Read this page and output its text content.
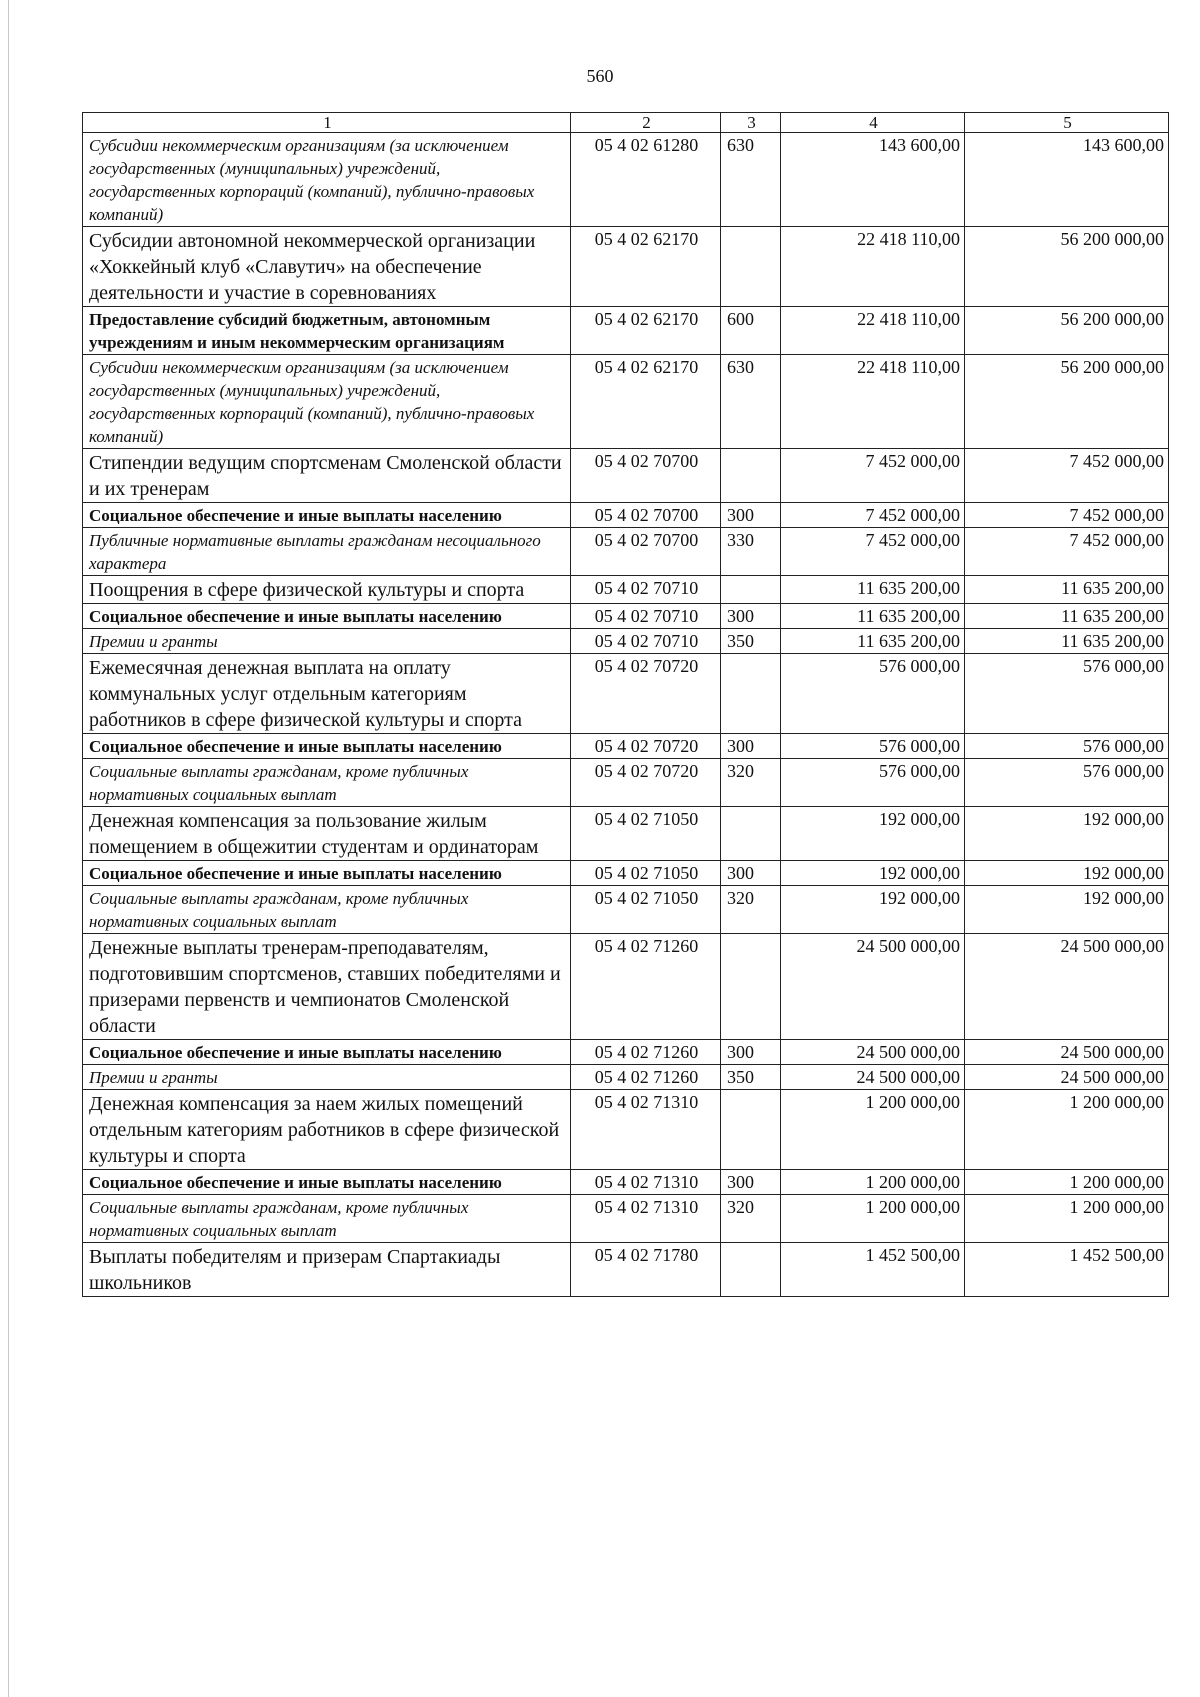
560
1	2	3	4	5
Субсидии некоммерческим организациям (за исключением государственных (муниципальных) учреждений, государственных корпораций (компаний), публично-правовых компаний)	05 4 02 61280	630	143 600,00	143 600,00
Субсидии автономной некоммерческой организации «Хоккейный клуб «Славутич» на обеспечение деятельности и участие в соревнованиях	05 4 02 62170		22 418 110,00	56 200 000,00
Предоставление субсидий бюджетным, автономным учреждениям и иным некоммерческим организациям	05 4 02 62170	600	22 418 110,00	56 200 000,00
Субсидии некоммерческим организациям (за исключением государственных (муниципальных) учреждений, государственных корпораций (компаний), публично-правовых компаний)	05 4 02 62170	630	22 418 110,00	56 200 000,00
Стипендии ведущим спортсменам Смоленской области и их тренерам	05 4 02 70700		7 452 000,00	7 452 000,00
Социальное обеспечение и иные выплаты населению	05 4 02 70700	300	7 452 000,00	7 452 000,00
Публичные нормативные выплаты гражданам несоциального характера	05 4 02 70700	330	7 452 000,00	7 452 000,00
Поощрения в сфере физической культуры и спорта	05 4 02 70710		11 635 200,00	11 635 200,00
Социальное обеспечение и иные выплаты населению	05 4 02 70710	300	11 635 200,00	11 635 200,00
Премии и гранты	05 4 02 70710	350	11 635 200,00	11 635 200,00
Ежемесячная денежная выплата на оплату коммунальных услуг отдельным категориям работников в сфере физической культуры и спорта	05 4 02 70720		576 000,00	576 000,00
Социальное обеспечение и иные выплаты населению	05 4 02 70720	300	576 000,00	576 000,00
Социальные выплаты гражданам, кроме публичных нормативных социальных выплат	05 4 02 70720	320	576 000,00	576 000,00
Денежная компенсация за пользование жилым помещением в общежитии студентам и ординаторам	05 4 02 71050		192 000,00	192 000,00
Социальное обеспечение и иные выплаты населению	05 4 02 71050	300	192 000,00	192 000,00
Социальные выплаты гражданам, кроме публичных нормативных социальных выплат	05 4 02 71050	320	192 000,00	192 000,00
Денежные выплаты тренерам-преподавателям, подготовившим спортсменов, ставших победителями и призерами первенств и чемпионатов Смоленской области	05 4 02 71260		24 500 000,00	24 500 000,00
Социальное обеспечение и иные выплаты населению	05 4 02 71260	300	24 500 000,00	24 500 000,00
Премии и гранты	05 4 02 71260	350	24 500 000,00	24 500 000,00
Денежная компенсация за наем жилых помещений отдельным категориям работников в сфере физической культуры и спорта	05 4 02 71310		1 200 000,00	1 200 000,00
Социальное обеспечение и иные выплаты населению	05 4 02 71310	300	1 200 000,00	1 200 000,00
Социальные выплаты гражданам, кроме публичных нормативных социальных выплат	05 4 02 71310	320	1 200 000,00	1 200 000,00
Выплаты победителям и призерам Спартакиады школьников	05 4 02 71780		1 452 500,00	1 452 500,00
